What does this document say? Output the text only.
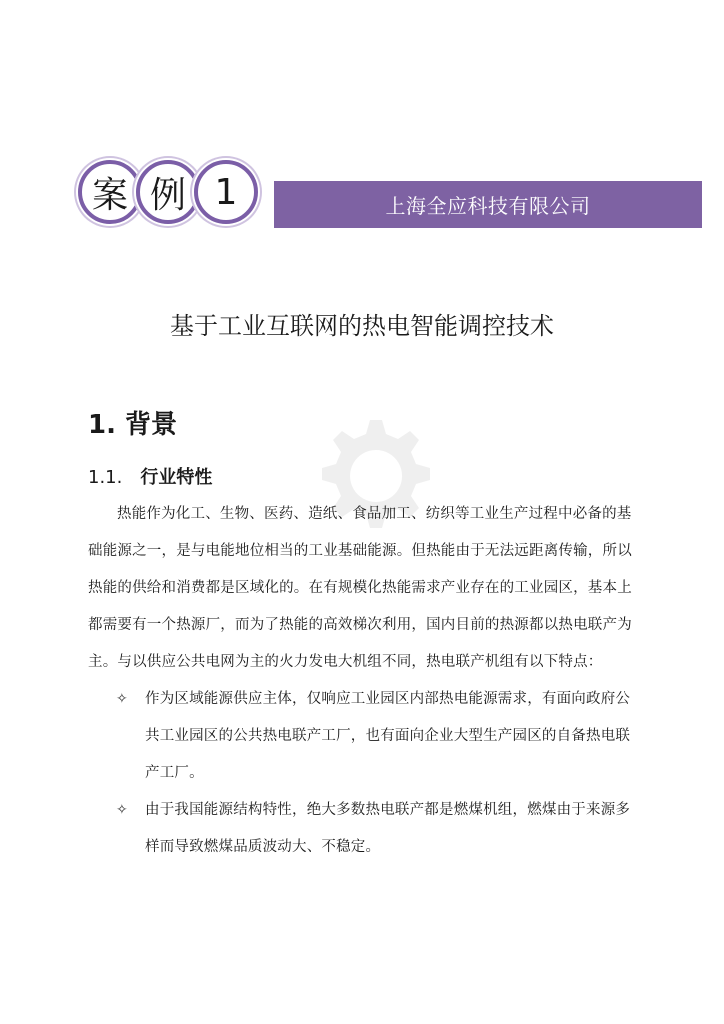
案 例 1	上海全应科技有限公司
基于工业互联网的热电智能调控技术
1. 背景
1.1. 行业特性
热能作为化工、生物、医药、造纸、食品加工、纺织等工业生产过程中必备的基
础能源之一，是与电能地位相当的工业基础能源。但热能由于无法远距离传输，所以
热能的供给和消费都是区域化的。在有规模化热能需求产业存在的工业园区，基本上
都需要有一个热源厂，而为了热能的高效梯次利用，国内目前的热源都以热电联产为
主。与以供应公共电网为主的火力发电大机组不同，热电联产机组有以下特点：
✧ 作为区域能源供应主体，仅响应工业园区内部热电能源需求，有面向政府公
共工业园区的公共热电联产工厂，也有面向企业大型生产园区的自备热电联
产工厂。
✧ 由于我国能源结构特性，绝大多数热电联产都是燃煤机组，燃煤由于来源多
样而导致燃煤品质波动大、不稳定。
